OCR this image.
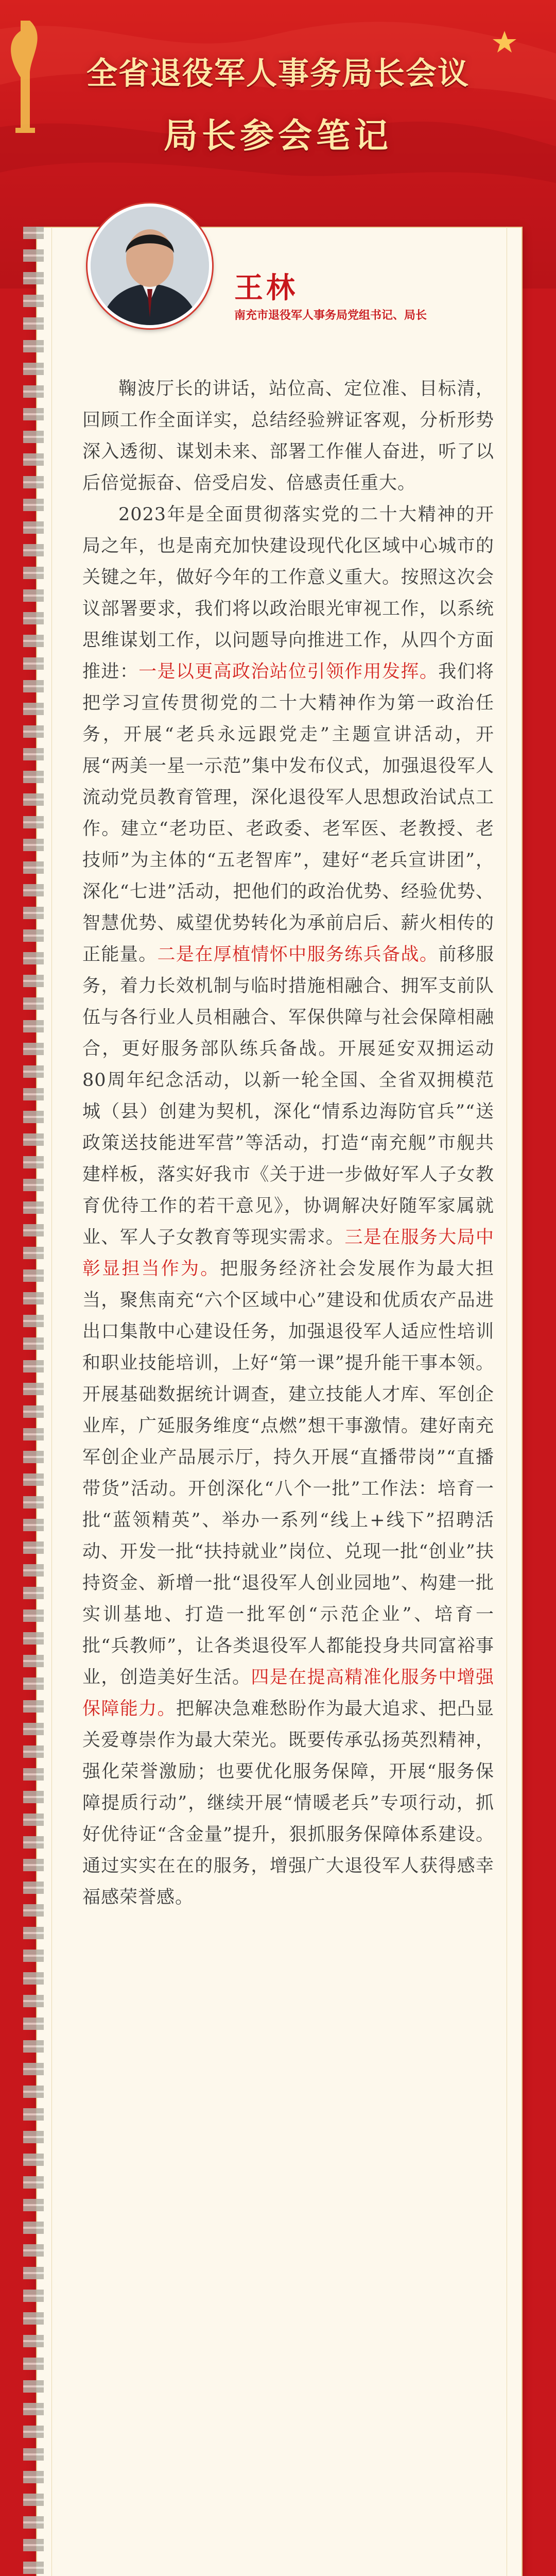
全省退役军人事务局长会议
局长参会笔记
王林
南充市退役军人事务局党组书记、局长

鞠波厅长的讲话，站位高、定位准、目标清，回顾工作全面详实，总结经验辨证客观，分析形势深入透彻、谋划未来、部署工作催人奋进，听了以后倍觉振奋、倍受启发、倍感责任重大。

2023年是全面贯彻落实党的二十大精神的开局之年，也是南充加快建设现代化区域中心城市的关键之年，做好今年的工作意义重大。按照这次会议部署要求，我们将以政治眼光审视工作，以系统思维谋划工作，以问题导向推进工作，从四个方面推进：一是以更高政治站位引领作用发挥。我们将把学习宣传贯彻党的二十大精神作为第一政治任务，开展“老兵永远跟党走”主题宣讲活动，开展“两美一星一示范”集中发布仪式，加强退役军人流动党员教育管理，深化退役军人思想政治试点工作。建立“老功臣、老政委、老军医、老教授、老技师”为主体的“五老智库”，建好“老兵宣讲团”，深化“七进”活动，把他们的政治优势、经验优势、智慧优势、威望优势转化为承前启后、薪火相传的正能量。二是在厚植情怀中服务练兵备战。前移服务，着力长效机制与临时措施相融合、拥军支前队伍与各行业人员相融合、军保供障与社会保障相融合，更好服务部队练兵备战。开展延安双拥运动80周年纪念活动，以新一轮全国、全省双拥模范城（县）创建为契机，深化“情系边海防官兵”“送政策送技能进军营”等活动，打造“南充舰”市舰共建样板，落实好我市《关于进一步做好军人子女教育优待工作的若干意见》，协调解决好随军家属就业、军人子女教育等现实需求。三是在服务大局中彰显担当作为。把服务经济社会发展作为最大担当，聚焦南充“六个区域中心”建设和优质农产品进出口集散中心建设任务，加强退役军人适应性培训和职业技能培训，上好“第一课”提升能干事本领。开展基础数据统计调查，建立技能人才库、军创企业库，广延服务维度“点燃”想干事激情。建好南充军创企业产品展示厅，持久开展“直播带岗”“直播带货”活动。开创深化“八个一批”工作法：培育一批“蓝领精英”、举办一系列“线上+线下”招聘活动、开发一批“扶持就业”岗位、兑现一批“创业”扶持资金、新增一批“退役军人创业园地”、构建一批实训基地、打造一批军创“示范企业”、培育一批“兵教师”，让各类退役军人都能投身共同富裕事业，创造美好生活。四是在提高精准化服务中增强保障能力。把解决急难愁盼作为最大追求、把凸显关爱尊崇作为最大荣光。既要传承弘扬英烈精神，强化荣誉激励；也要优化服务保障，开展“服务保障提质行动”，继续开展“情暖老兵”专项行动，抓好优待证“含金量”提升，狠抓服务保障体系建设。通过实实在在的服务，增强广大退役军人获得感幸福感荣誉感。
